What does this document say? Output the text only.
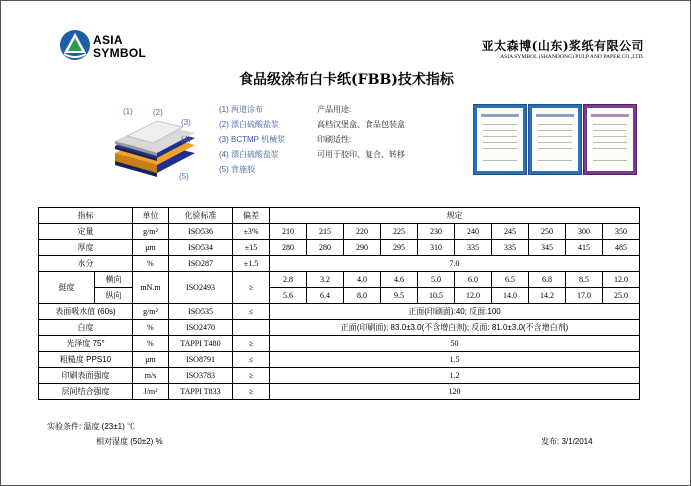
ASIA
SYMBOL	亚太森博(山东)浆纸有限公司
ASIA SYMBOL (SHANDONG) PULP AND PAPER CO.,LTD.
食品级涂布白卡纸(FBB)技术指标
(1)	(2)
(3)
(4)
(5)
(1) 两道涂布
(2) 漂白硫酸盐浆
(3) BCTMP 机械浆
(4) 漂白硫酸盐浆
(5) 背施胶
产品用途:
高档汉堡盒、食品包装盒
印刷适性:
可用于胶印、复合、转移
指标		单位	化验标准	偏差	规定									
定量		g/m²	ISO536	±3%	210	215	220	225	230	240	245	250	300	350
厚度		μm	ISO534	±15	280	280	290	295	310	335	335	345	415	485
水分		%	ISO287	±1.5	7.0									
挺度	横向	mN.m	ISO2493	≥	2.8	3.2	4.0	4.6	5.0	6.0	6.5	6.8	8.5	12.0
	纵向				5.6	6.4	8.0	9.5	10.5	12.0	14.0	14.2	17.0	25.0
表面吸水值 (60s)		g/m²	ISO535	≤	正面(印刷面):40; 反面:100									
白度		%	ISO2470		正面(印刷面): 83.0±3.0(不含增白剂); 反面: 81.0±3.0(不含增白剂)									
光泽度 75°		%	TAPPI T480	≥	50									
粗糙度 PPS10		μm	ISO8791	≤	1.5									
印刷表面强度		m/s	ISO3783	≥	1.2									
层间结合强度		J/m²	TAPPI T833	≥	120									
实验条件: 温度 (23±1) ℃
相对湿度 (50±2) %	发布: 3/1/2014
